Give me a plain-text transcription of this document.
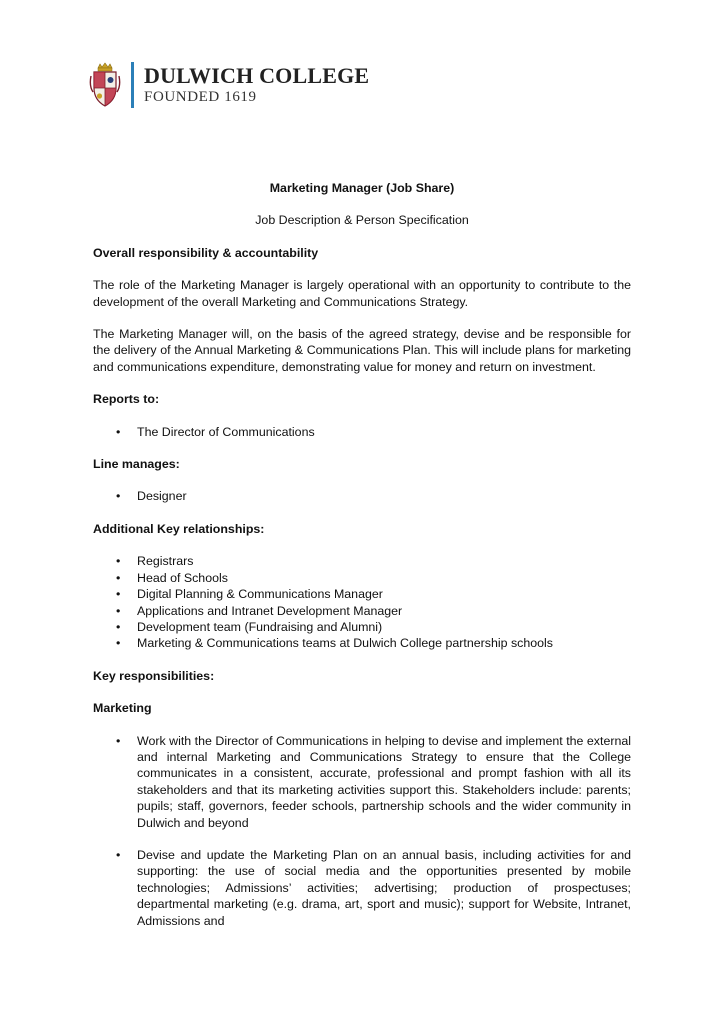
DULWICH COLLEGE
FOUNDED 1619

Marketing Manager (Job Share)

Job Description & Person Specification

Overall responsibility & accountability

The role of the Marketing Manager is largely operational with an opportunity to contribute to the development of the overall Marketing and Communications Strategy.

The Marketing Manager will, on the basis of the agreed strategy, devise and be responsible for the delivery of the Annual Marketing & Communications Plan. This will include plans for marketing and communications expenditure, demonstrating value for money and return on investment.

Reports to:

• The Director of Communications

Line manages:

• Designer

Additional Key relationships:

• Registrars
• Head of Schools
• Digital Planning & Communications Manager
• Applications and Intranet Development Manager
• Development team (Fundraising and Alumni)
• Marketing & Communications teams at Dulwich College partnership schools

Key responsibilities:

Marketing

• Work with the Director of Communications in helping to devise and implement the external and internal Marketing and Communications Strategy to ensure that the College communicates in a consistent, accurate, professional and prompt fashion with all its stakeholders and that its marketing activities support this. Stakeholders include: parents; pupils; staff, governors, feeder schools, partnership schools and the wider community in Dulwich and beyond
• Devise and update the Marketing Plan on an annual basis, including activities for and supporting: the use of social media and the opportunities presented by mobile technologies; Admissions’ activities; advertising; production of prospectuses; departmental marketing (e.g. drama, art, sport and music); support for Website, Intranet, Admissions and
